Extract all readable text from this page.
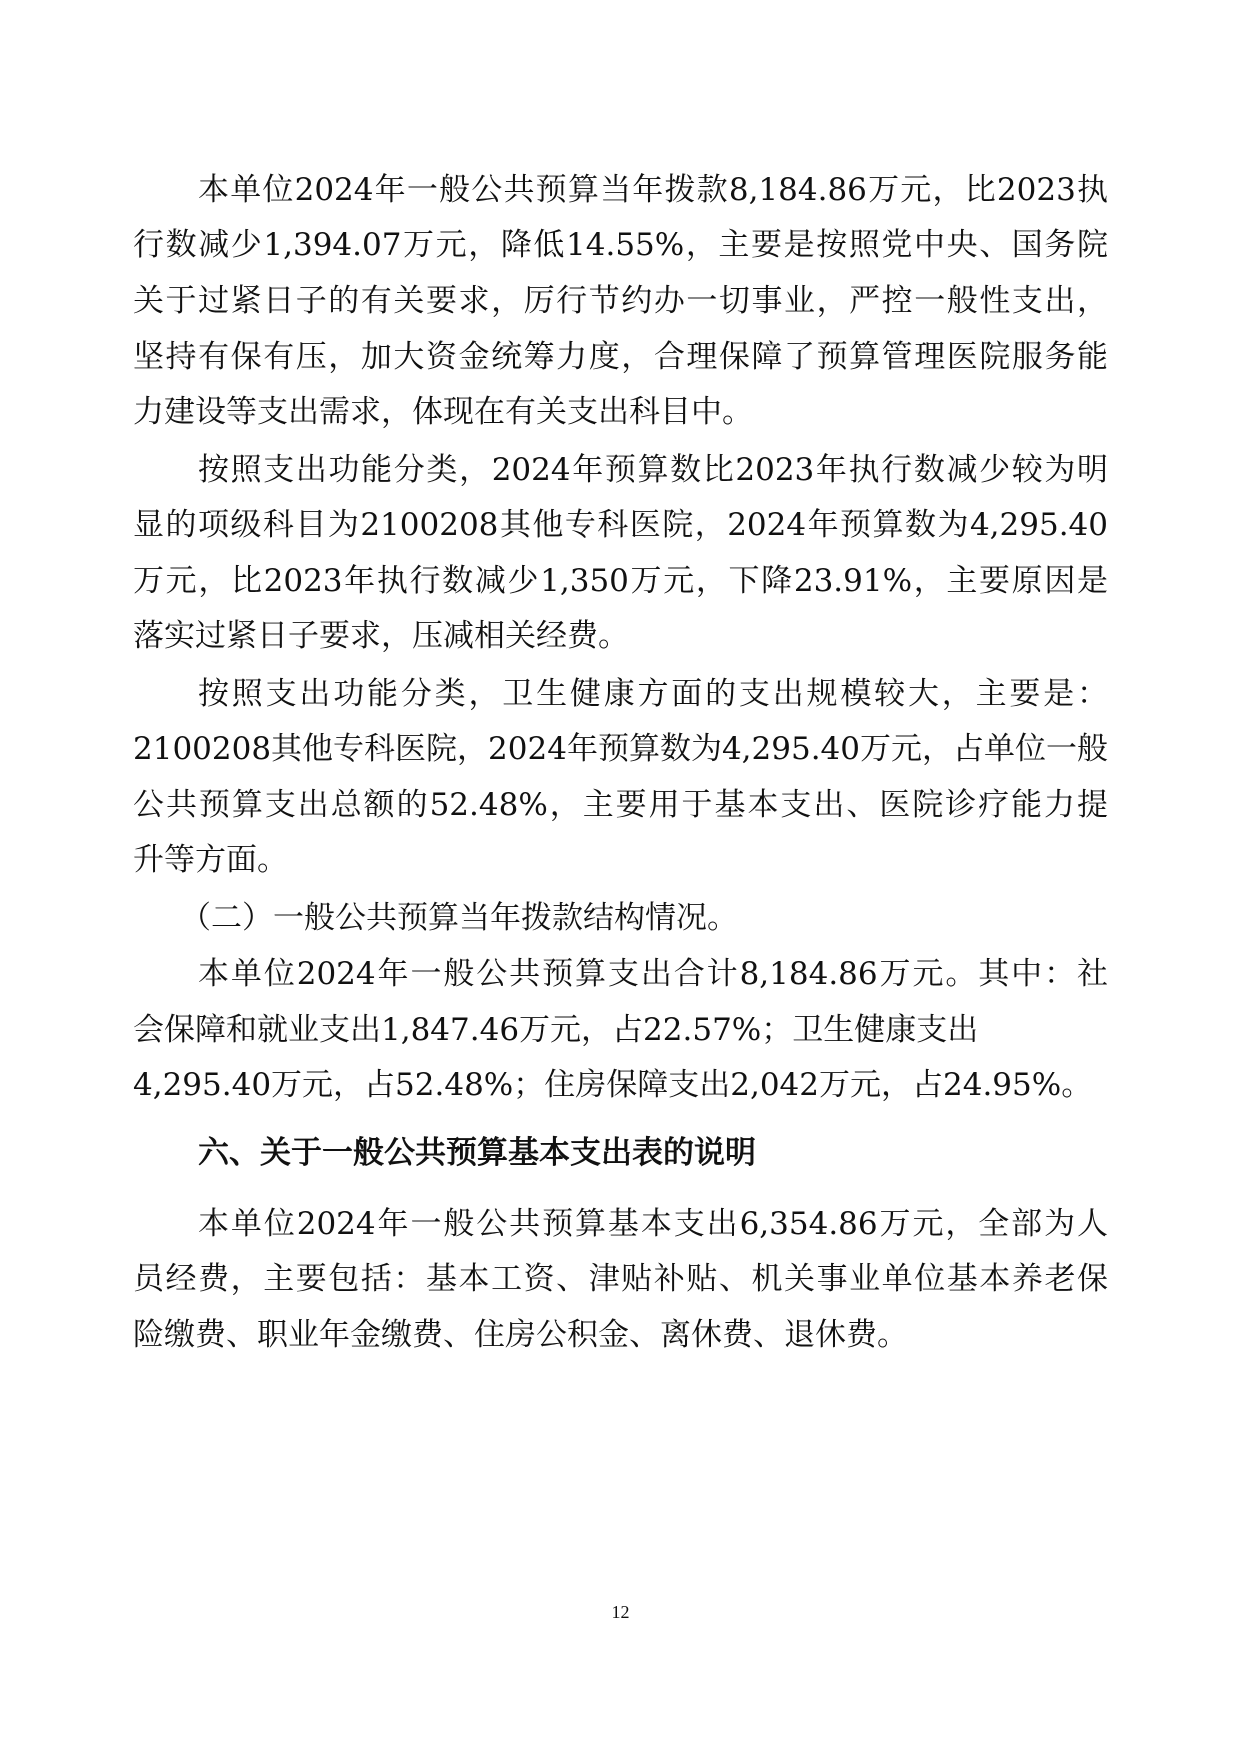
本单位2024年一般公共预算当年拨款8,184.86万元，比2023执

行数减少1,394.07万元，降低14.55%，主要是按照党中央、国务院

关于过紧日子的有关要求，厉行节约办一切事业，严控一般性支出，

坚持有保有压，加大资金统筹力度，合理保障了预算管理医院服务能

力建设等支出需求，体现在有关支出科目中。

按照支出功能分类，2024年预算数比2023年执行数减少较为明

显的项级科目为2100208其他专科医院，2024年预算数为4,295.40

万元，比2023年执行数减少1,350万元，下降23.91%，主要原因是

落实过紧日子要求，压减相关经费。

按照支出功能分类，卫生健康方面的支出规模较大，主要是：

2100208其他专科医院，2024年预算数为4,295.40万元，占单位一般

公共预算支出总额的52.48%，主要用于基本支出、医院诊疗能力提

升等方面。

（二）一般公共预算当年拨款结构情况。

本单位2024年一般公共预算支出合计8,184.86万元。其中：社

会保障和就业支出1,847.46万元，占22.57%；卫生健康支出

4,295.40万元，占52.48%；住房保障支出2,042万元，占24.95%。

六、关于一般公共预算基本支出表的说明

本单位2024年一般公共预算基本支出6,354.86万元，全部为人

员经费，主要包括：基本工资、津贴补贴、机关事业单位基本养老保

险缴费、职业年金缴费、住房公积金、离休费、退休费。

12
